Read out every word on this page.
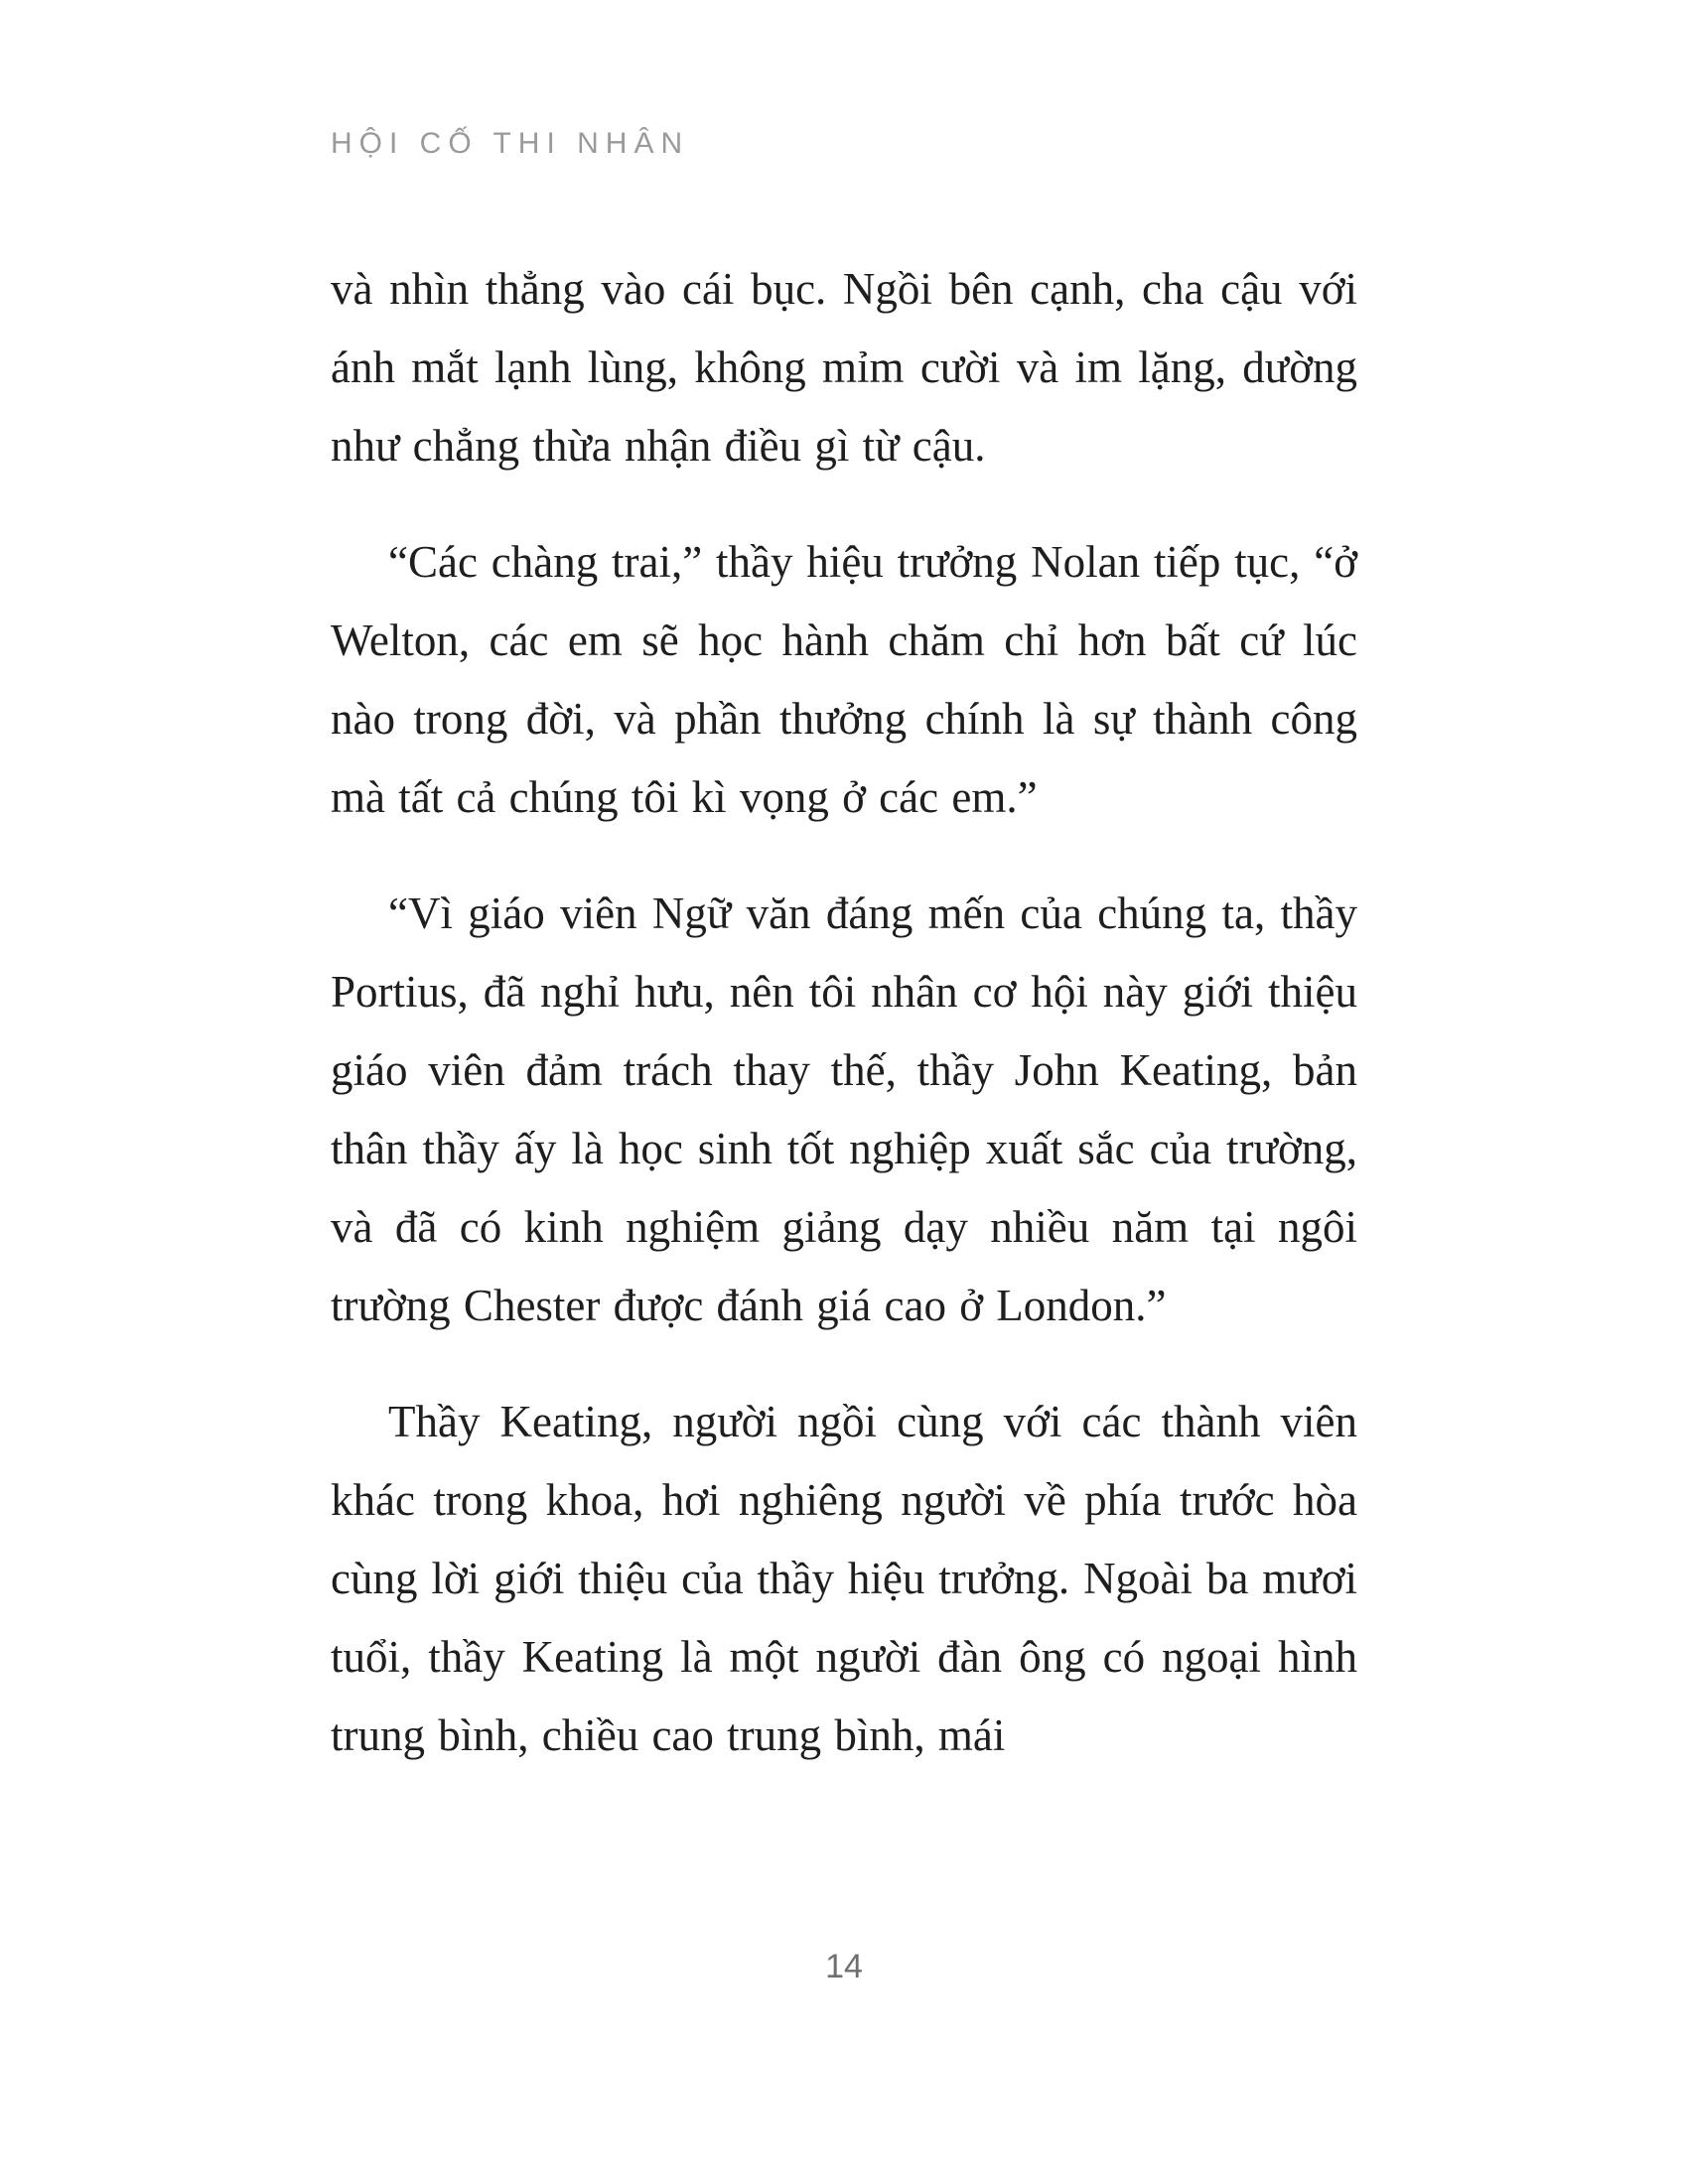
HỘI CỐ THI NHÂN

và nhìn thẳng vào cái bục. Ngồi bên cạnh, cha cậu với ánh mắt lạnh lùng, không mỉm cười và im lặng, dường như chẳng thừa nhận điều gì từ cậu.

“Các chàng trai,” thầy hiệu trưởng Nolan tiếp tục, “ở Welton, các em sẽ học hành chăm chỉ hơn bất cứ lúc nào trong đời, và phần thưởng chính là sự thành công mà tất cả chúng tôi kì vọng ở các em.”

“Vì giáo viên Ngữ văn đáng mến của chúng ta, thầy Portius, đã nghỉ hưu, nên tôi nhân cơ hội này giới thiệu giáo viên đảm trách thay thế, thầy John Keating, bản thân thầy ấy là học sinh tốt nghiệp xuất sắc của trường, và đã có kinh nghiệm giảng dạy nhiều năm tại ngôi trường Chester được đánh giá cao ở London.”

Thầy Keating, người ngồi cùng với các thành viên khác trong khoa, hơi nghiêng người về phía trước hòa cùng lời giới thiệu của thầy hiệu trưởng. Ngoài ba mươi tuổi, thầy Keating là một người đàn ông có ngoại hình trung bình, chiều cao trung bình, mái

14
